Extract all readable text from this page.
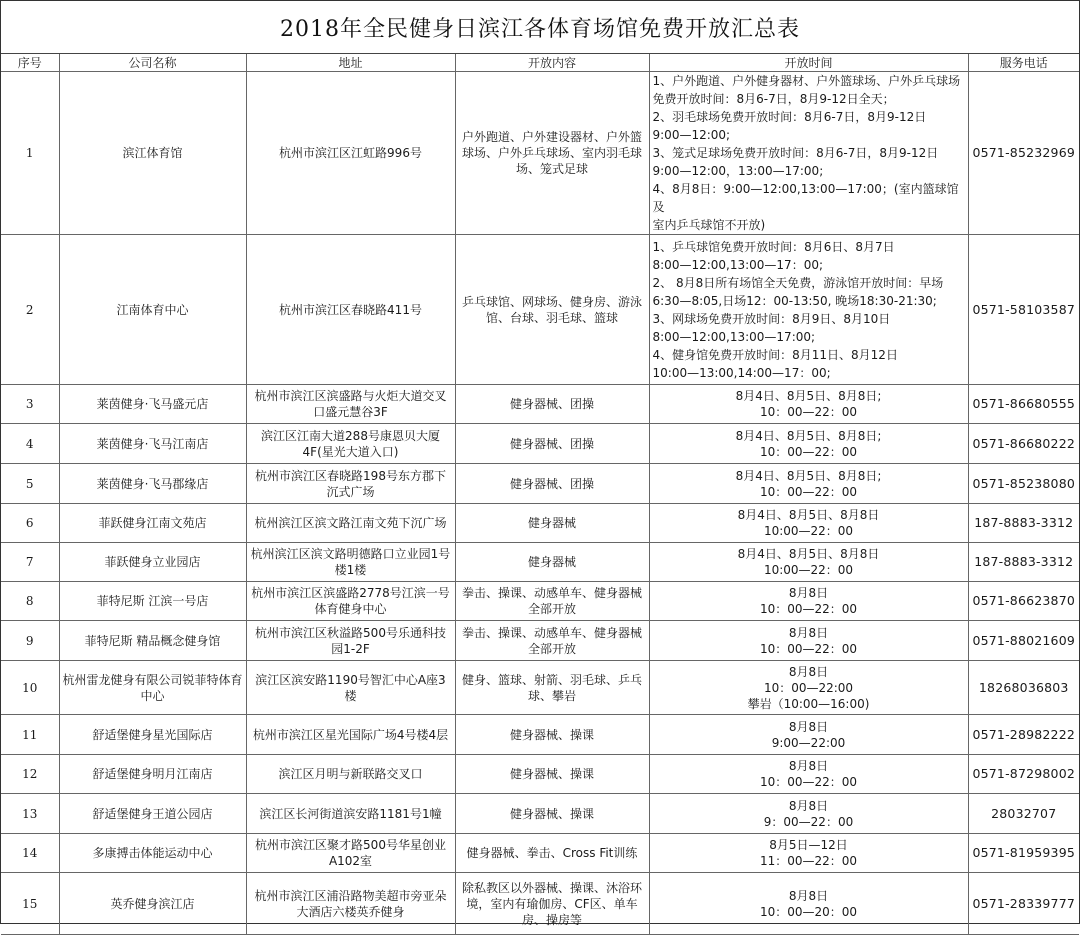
2018年全民健身日滨江各体育场馆免费开放汇总表
序号	公司名称	地址	开放内容	开放时间	服务电话
1	滨江体育馆	杭州市滨江区江虹路996号	户外跑道、户外建设器材、户外篮球场、户外乒乓球场、室内羽毛球场、笼式足球	
1、户外跑道、户外健身器材、户外篮球场、户外乒乓球场
免费开放时间：8月6-7日，8月9-12日全天；
2、羽毛球场免费开放时间：8月6-7日，8月9-12日
9:00—12:00;
3、笼式足球场免费开放时间：8月6-7日，8月9-12日
9:00—12:00，13:00—17:00;
4、8月8日：9:00—12:00,13:00—17:00；(室内篮球馆及
室内乒乓球馆不开放)
	0571-85232969
2	江南体育中心	杭州市滨江区春晓路411号	乒乓球馆、网球场、健身房、游泳馆、台球、羽毛球、篮球	
1、乒乓球馆免费开放时间：8月6日、8月7日
8:00—12:00,13:00—17：00;
2、 8月8日所有场馆全天免费，游泳馆开放时间：早场
6:30—8:05,日场12：00-13:50, 晚场18:30-21:30;
3、网球场免费开放时间：8月9日、8月10日
8:00—12:00,13:00—17:00;
4、健身馆免费开放时间：8月11日、8月12日
10:00—13:00,14:00—17：00;
	0571-58103587
3	莱茵健身·飞马盛元店	杭州市滨江区滨盛路与火炬大道交叉口盛元慧谷3F	健身器械、团操	8月4日、8月5日、8月8日;
10：00—22：00	0571-86680555
4	莱茵健身·飞马江南店	滨江区江南大道288号康恩贝大厦4F(星光大道入口)	健身器械、团操	8月4日、8月5日、8月8日;
10：00—22：00	0571-86680222
5	莱茵健身·飞马郡缘店	杭州市滨江区春晓路198号东方郡下沉式广场	健身器械、团操	8月4日、8月5日、8月8日;
10：00—22：00	0571-85238080
6	菲跃健身江南文苑店	杭州滨江区滨文路江南文苑下沉广场	健身器械	8月4日、8月5日、8月8日
10:00—22：00	187-8883-3312
7	菲跃健身立业园店	杭州滨江区滨文路明德路口立业园1号楼1楼	健身器械	8月4日、8月5日、8月8日
10:00—22：00	187-8883-3312
8	菲特尼斯 江滨一号店	杭州市滨江区滨盛路2778号江滨一号体育健身中心	拳击、操课、动感单车、健身器械全部开放	8月8日
10：00—22：00	0571-86623870
9	菲特尼斯 精品概念健身馆	杭州市滨江区秋溢路500号乐通科技园1-2F	拳击、操课、动感单车、健身器械全部开放	8月8日
10：00—22：00	0571-88021609
10	杭州雷龙健身有限公司锐菲特体育中心	滨江区滨安路1190号智汇中心A座3楼	健身、篮球、射箭、羽毛球、乒乓球、攀岩	8月8日
10：00—22:00
攀岩（10:00—16:00)	18268036803
11	舒适堡健身星光国际店	杭州市滨江区星光国际广场4号楼4层	健身器械、操课	8月8日
9:00—22:00	0571-28982222
12	舒适堡健身明月江南店	滨江区月明与新联路交叉口	健身器械、操课	8月8日
10：00—22：00	0571-87298002
13	舒适堡健身王道公园店	滨江区长河街道滨安路1181号1幢	健身器械、操课	8月8日
9：00—22：00	28032707
14	多康搏击体能运动中心	杭州市滨江区聚才路500号华星创业A102室	健身器械、拳击、Cross Fit训练	8月5日—12日
11：00—22：00	0571-81959395
15	英乔健身滨江店	杭州市滨江区浦沿路物美超市旁亚朵大酒店六楼英乔健身	除私教区以外器械、操课、沐浴环境，室内有瑜伽房、CF区、单车房、操房等	8月8日
10：00—20：00	0571-28339777
